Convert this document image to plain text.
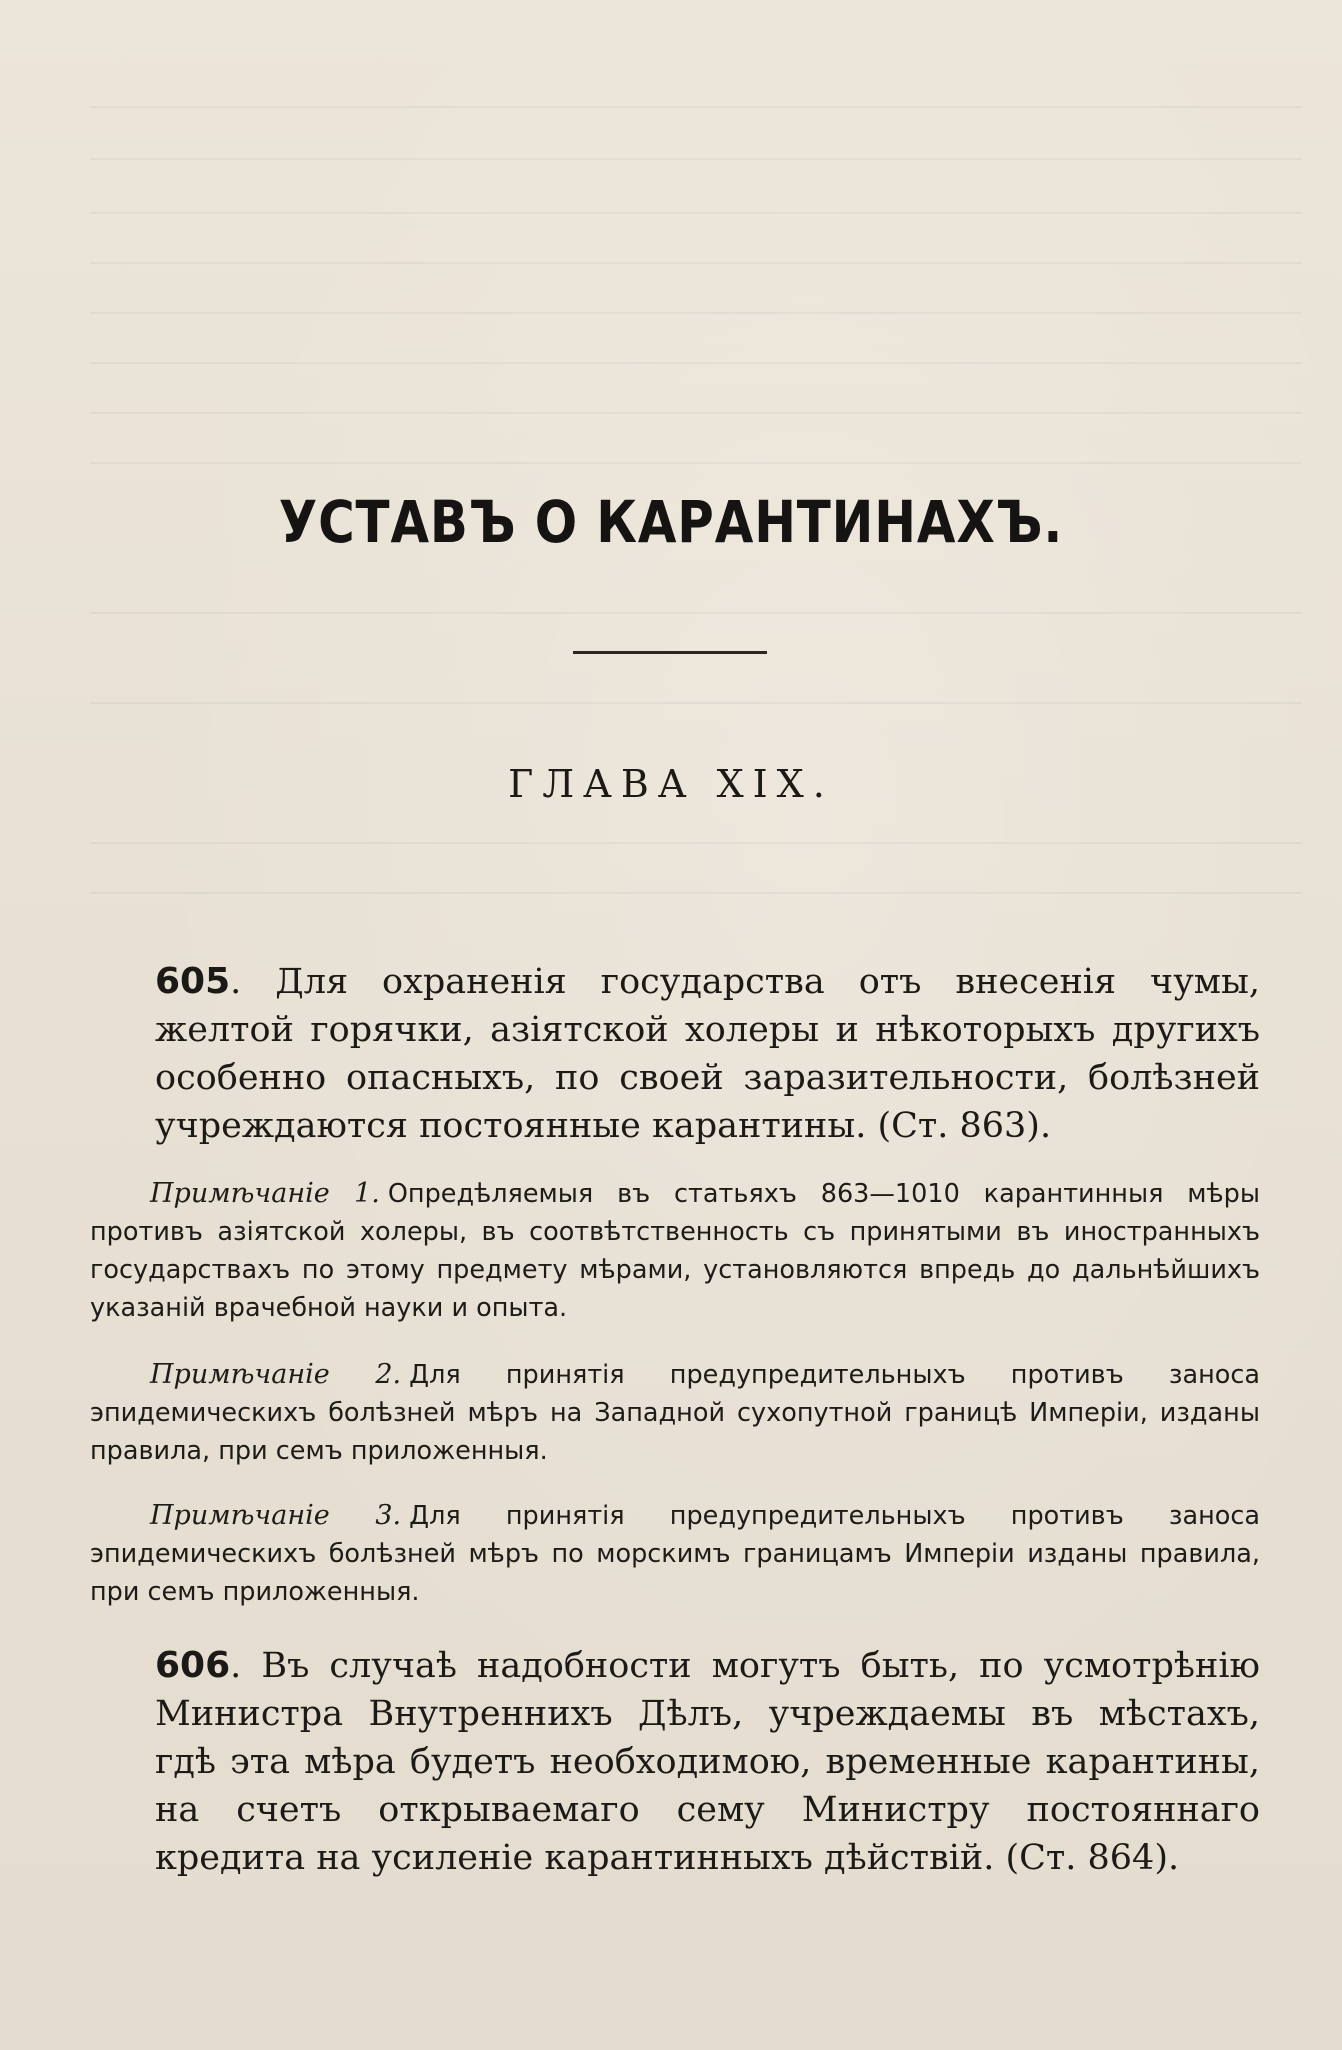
УСТАВЪ О КАРАНТИНАХЪ.
ГЛАВА XIX.
605. Для охраненія государства отъ внесенія чумы, желтой горячки, азіятской холеры и нѣкоторыхъ другихъ особенно опасныхъ, по своей заразительности, болѣзней учреждаются постоянные карантины. (Ст. 863).
Примѣчаніе 1. Опредѣляемыя въ статьяхъ 863—1010 карантинныя мѣры противъ азіятской холеры, въ соотвѣтственность съ принятыми въ иностранныхъ государствахъ по этому предмету мѣрами, установляются впредь до дальнѣйшихъ указаній врачебной науки и опыта.
Примѣчаніе 2. Для принятія предупредительныхъ противъ заноса эпидемическихъ болѣзней мѣръ на Западной сухопутной границѣ Имперіи, изданы правила, при семъ приложенныя.
Примѣчаніе 3. Для принятія предупредительныхъ противъ заноса эпидемическихъ болѣзней мѣръ по морскимъ границамъ Имперіи изданы правила, при семъ приложенныя.
606. Въ случаѣ надобности могутъ быть, по усмотрѣнію Министра Внутреннихъ Дѣлъ, учреждаемы въ мѣстахъ, гдѣ эта мѣра будетъ необходимою, временные карантины, на счетъ открываемаго сему Министру постояннаго кредита на усиленіе карантинныхъ дѣйствій. (Ст. 864).
